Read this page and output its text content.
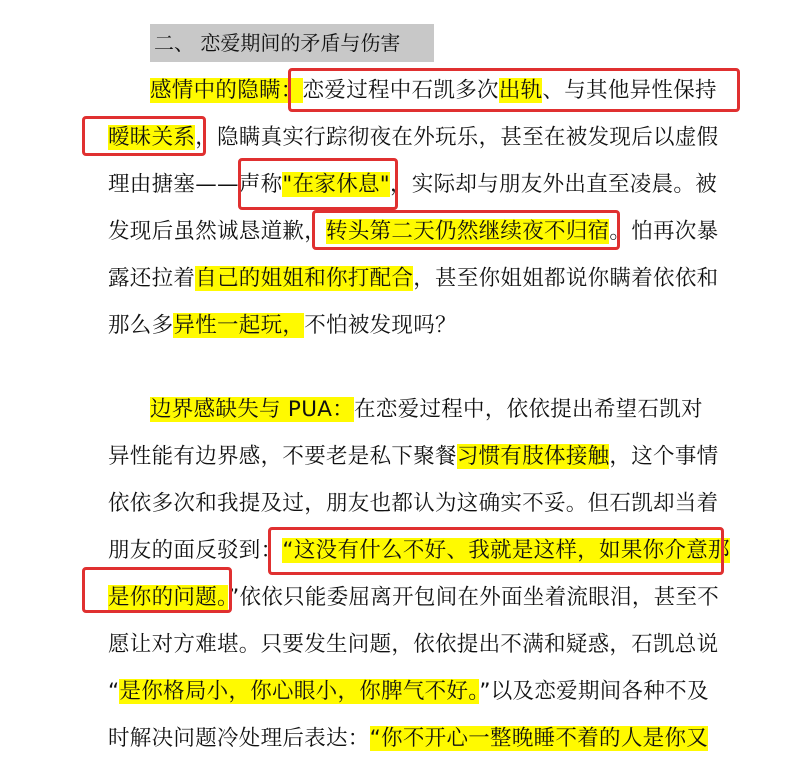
二、 恋爱期间的矛盾与伤害
感情中的隐瞒：恋爱过程中石凯多次出轨、与其他异性保持
暧昧关系，隐瞒真实行踪彻夜在外玩乐，甚至在被发现后以虚假
理由搪塞——声称"在家休息"，实际却与朋友外出直至凌晨。被
发现后虽然诚恳道歉，转头第二天仍然继续夜不归宿。怕再次暴
露还拉着自己的姐姐和你打配合，甚至你姐姐都说你瞒着依依和
那么多异性一起玩，不怕被发现吗？
边界感缺失与 PUA：在恋爱过程中，依依提出希望石凯对
异性能有边界感，不要老是私下聚餐习惯有肢体接触，这个事情
依依多次和我提及过，朋友也都认为这确实不妥。但石凯却当着
朋友的面反驳到：“这没有什么不好、我就是这样，如果你介意那
是你的问题。”依依只能委屈离开包间在外面坐着流眼泪，甚至不
愿让对方难堪。只要发生问题，依依提出不满和疑惑，石凯总说
“是你格局小，你心眼小，你脾气不好。”以及恋爱期间各种不及
时解决问题冷处理后表达：“你不开心一整晚睡不着的人是你又
